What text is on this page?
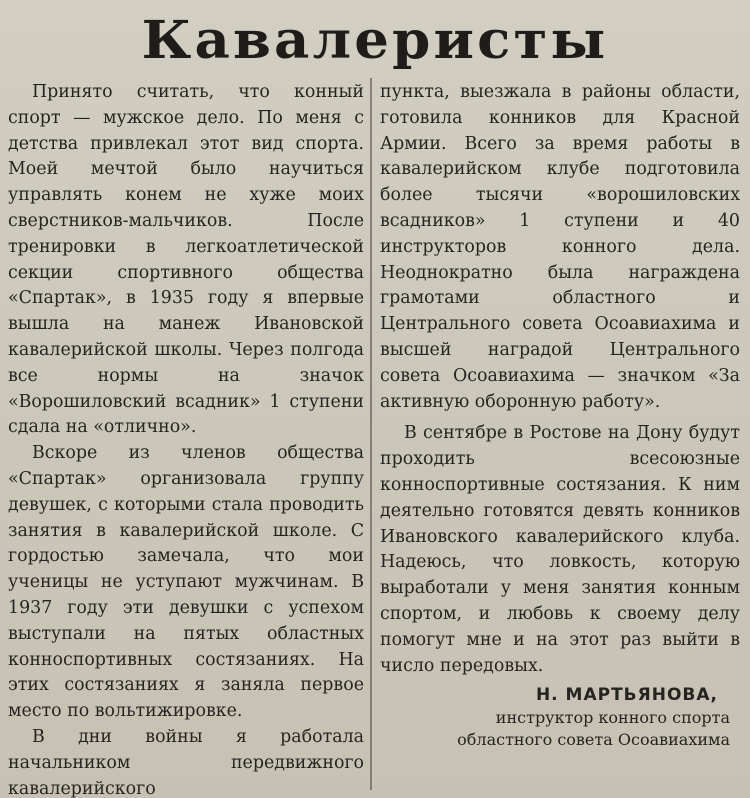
Кавалеристы

Принято считать, что конный спорт — мужское дело. По меня с детства привлекал этот вид спорта. Моей мечтой было научиться управлять конем не хуже моих сверстников-мальчиков. После тренировки в легкоатлетической секции спортивного общества «Спартак», в 1935 году я впервые вышла на манеж Ивановской кавалерийской школы. Через полгода все нормы на значок «Ворошиловский всадник» 1 ступени сдала на «отлично».

Вскоре из членов общества «Спартак» организовала группу девушек, с которыми стала проводить занятия в кавалерийской школе. С гордостью замечала, что мои ученицы не уступают мужчинам. В 1937 году эти девушки с успехом выступали на пятых областных конноспортивных состязаниях. На этих состязаниях я заняла первое место по вольтижировке.

В дни войны я работала начальником передвижного кавалерийского

пункта, выезжала в районы области, готовила конников для Красной Армии. Всего за время работы в кавалерийском клубе подготовила более тысячи «ворошиловских всадников» 1 ступени и 40 инструкторов конного дела. Неоднократно была награждена грамотами областного и Центрального совета Осоавиахима и высшей наградой Центрального совета Осоавиахима — значком «За активную оборонную работу».

В сентябре в Ростове на Дону будут проходить всесоюзные конноспортивные состязания. К ним деятельно готовятся девять конников Ивановского кавалерийского клуба. Надеюсь, что ловкость, которую выработали у меня занятия конным спортом, и любовь к своему делу помогут мне и на этот раз выйти в число передовых.

Н. МАРТЬЯНОВА,
инструктор конного спорта
областного совета Осоавиахима
